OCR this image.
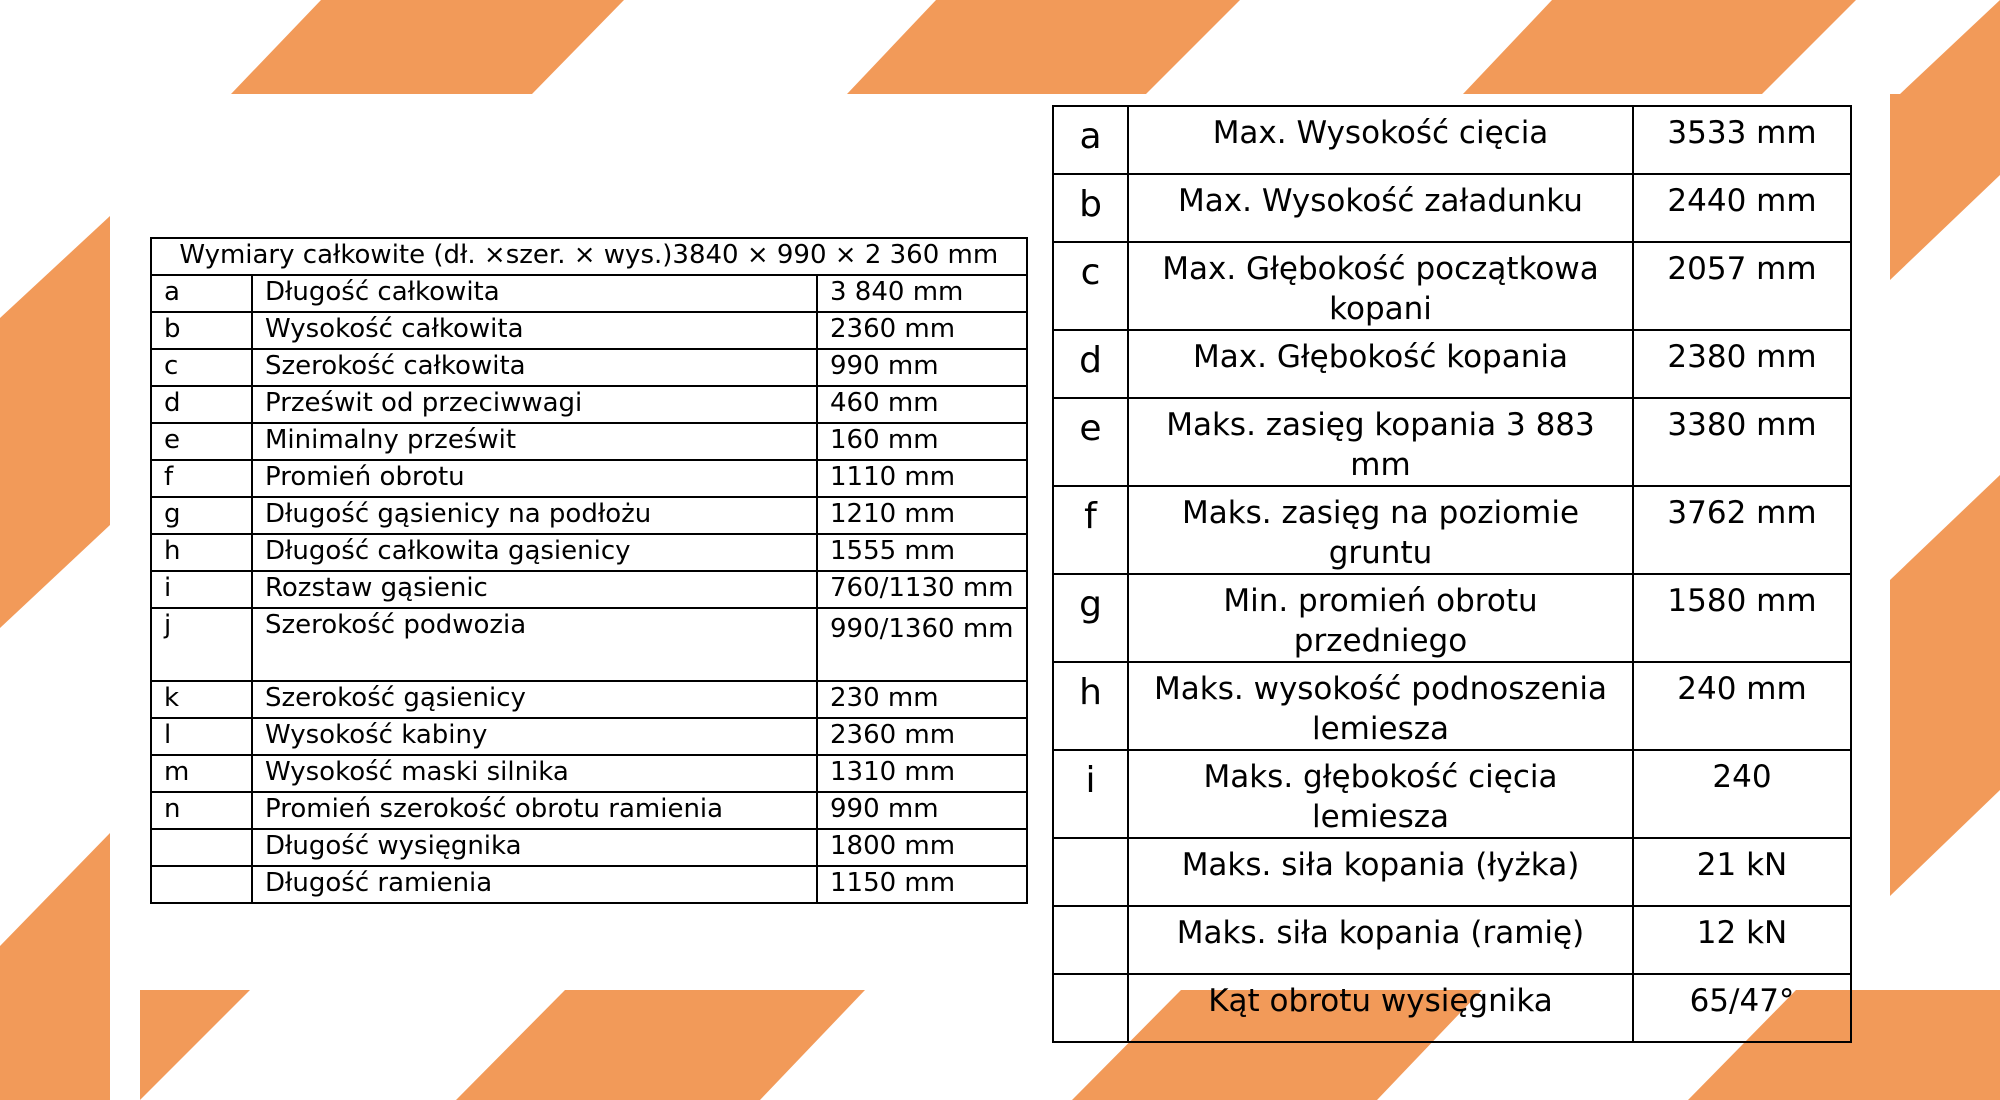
Wymiary całkowite (dł. ×szer. × wys.)3840 × 990 × 2 360 mm		
a	Długość całkowita	3 840 mm
b	Wysokość całkowita	2360 mm
c	Szerokość całkowita	990 mm
d	Prześwit od przeciwwagi	460 mm
e	Minimalny prześwit	160 mm
f	Promień obrotu	1110 mm
g	Długość gąsienicy na podłożu	1210 mm
h	Długość całkowita gąsienicy	1555 mm
i	Rozstaw gąsienic	760/1130 mm
j	Szerokość podwozia	990/1360 mm
k	Szerokość gąsienicy	230 mm
l	Wysokość kabiny	2360 mm
m	Wysokość maski silnika	1310 mm
n	Promień szerokość obrotu ramienia	990 mm
	Długość wysięgnika	1800 mm
	Długość ramienia	1150 mm
a	Max. Wysokość cięcia	3533 mm
b	Max. Wysokość załadunku	2440 mm
c	Max. Głębokość początkowa kopani	2057 mm
d	Max. Głębokość kopania	2380 mm
e	Maks. zasięg kopania 3 883 mm	3380 mm
f	Maks. zasięg na poziomie gruntu	3762 mm
g	Min. promień obrotu przedniego	1580 mm
h	Maks. wysokość podnoszenia lemiesza	240 mm
i	Maks. głębokość cięcia lemiesza	240
	Maks. siła kopania (łyżka)	21 kN
	Maks. siła kopania (ramię)	12 kN
	Kąt obrotu wysięgnika	65/47°
